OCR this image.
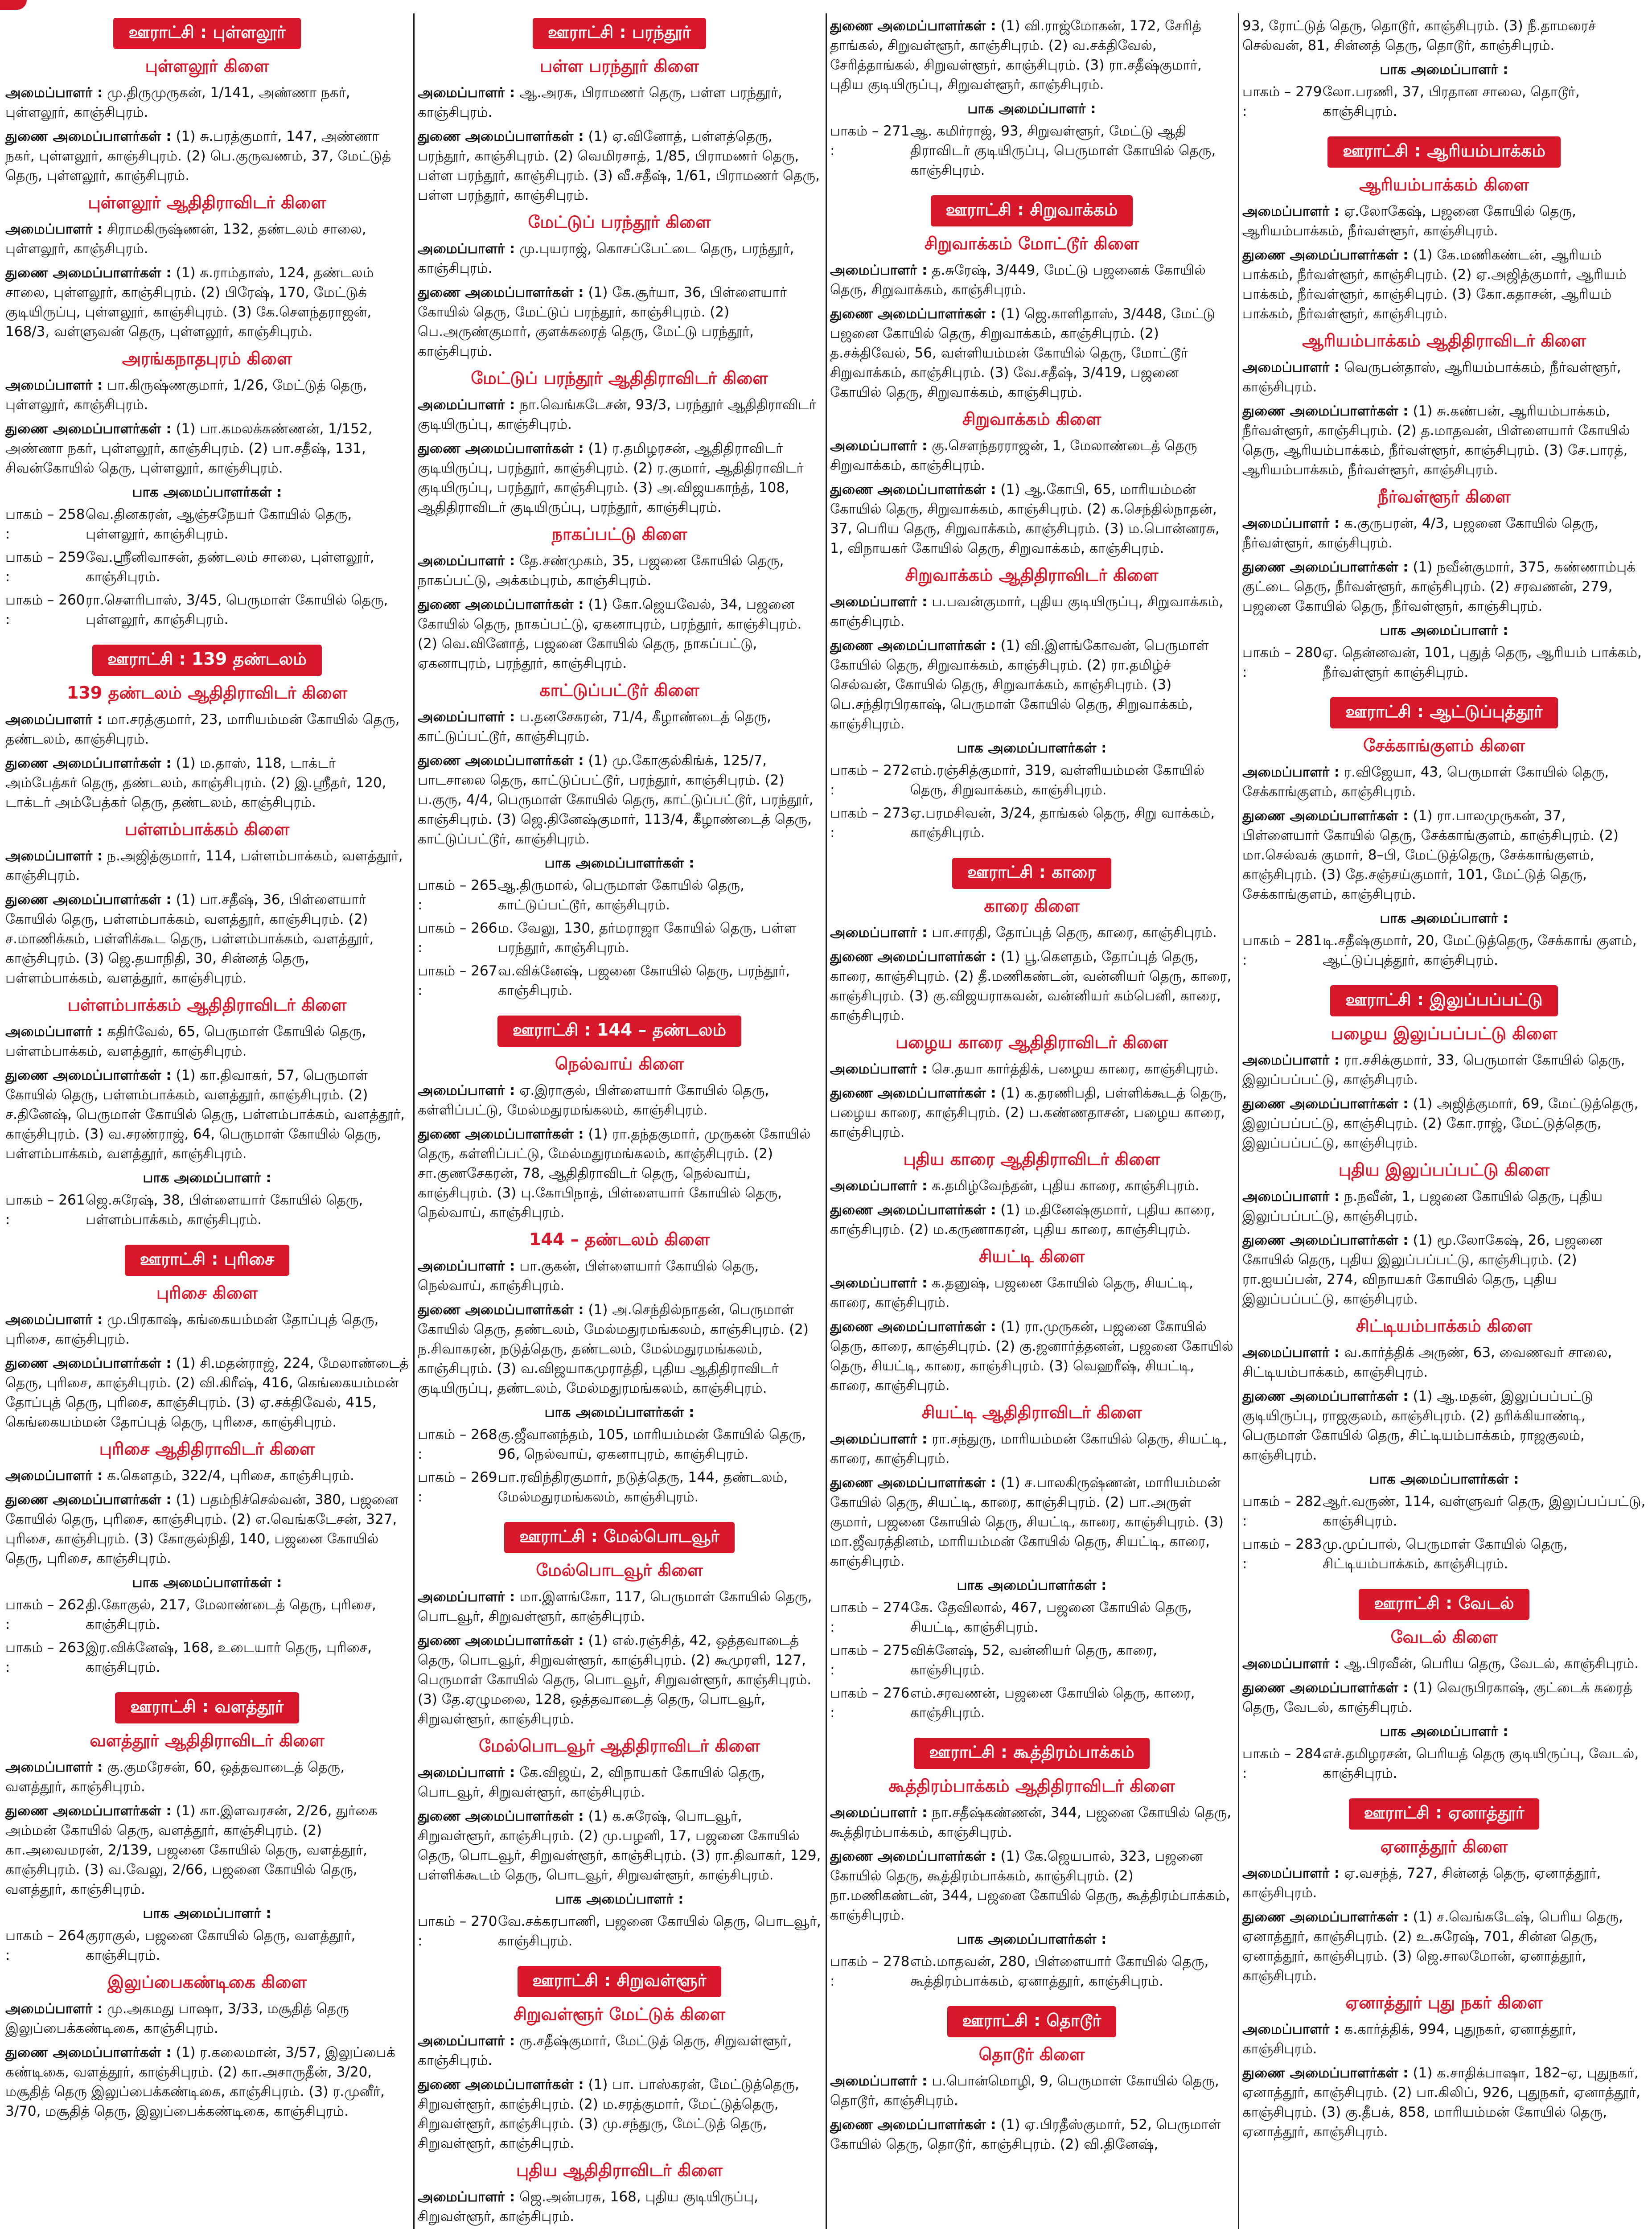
ஊராட்சி : புள்ளலூர்
புள்ளலூர் கிளை
அமைப்பாளர் : மு.திருமுருகன், 1/141, அண்ணா நகர், புள்ளலூர், காஞ்சிபுரம்.
துணை அமைப்பாளர்கள் : (1) சு.பரத்குமார், 147, அண்ணா நகர், புள்ளலூர், காஞ்சிபுரம். (2) பெ.குருவணம், 37, மேட்டுத் தெரு, புள்ளலூர், காஞ்சிபுரம்.
புள்ளலூர் ஆதிதிராவிடர் கிளை
அமைப்பாளர் : சிராமகிருஷ்ணன், 132, தண்டலம் சாலை, புள்ளலூர், காஞ்சிபுரம்.
துணை அமைப்பாளர்கள் : (1) க.ராம்தாஸ், 124, தண்டலம் சாலை, புள்ளலூர், காஞ்சிபுரம். (2) பிரேஷ், 170, மேட்டுக் குடியிருப்பு, புள்ளலூர், காஞ்சிபுரம். (3) கே.சௌந்தராஜன், 168/3, வள்ளுவன் தெரு, புள்ளலூர், காஞ்சிபுரம்.
அரங்கநாதபுரம் கிளை
அமைப்பாளர் : பா.கிருஷ்ணகுமார், 1/26, மேட்டுத் தெரு, புள்ளலூர், காஞ்சிபுரம்.
துணை அமைப்பாளர்கள் : (1) பா.கமலக்கண்ணன், 1/152, அண்ணா நகர், புள்ளலூர், காஞ்சிபுரம். (2) பா.சதீஷ், 131, சிவன்கோயில் தெரு, புள்ளலூர், காஞ்சிபுரம்.
பாக அமைப்பாளர்கள் :
பாகம் – 258 :
வெ.தினகரன், ஆஞ்சநேயர் கோயில் தெரு, புள்ளலூர், காஞ்சிபுரம்.
பாகம் – 259 :
வே.ஸ்ரீனிவாசன், தண்டலம் சாலை, புள்ளலூர், காஞ்சிபுரம்.
பாகம் – 260 :
ரா.சௌரிபாஸ், 3/45, பெருமாள் கோயில் தெரு, புள்ளலூர், காஞ்சிபுரம்.
ஊராட்சி : 139 தண்டலம்
139 தண்டலம் ஆதிதிராவிடர் கிளை
அமைப்பாளர் : மா.சரத்குமார், 23, மாரியம்மன் கோயில் தெரு, தண்டலம், காஞ்சிபுரம்.
துணை அமைப்பாளர்கள் : (1) ம.தாஸ், 118, டாக்டர் அம்பேத்கர் தெரு, தண்டலம், காஞ்சிபுரம். (2) இ.ஸ்ரீதர், 120, டாக்டர் அம்பேத்கர் தெரு, தண்டலம், காஞ்சிபுரம்.
பள்ளம்பாக்கம் கிளை
அமைப்பாளர் : ந.அஜித்குமார், 114, பள்ளம்பாக்கம், வளத்தூர், காஞ்சிபுரம்.
துணை அமைப்பாளர்கள் : (1) பா.சதீஷ், 36, பிள்ளையார் கோயில் தெரு, பள்ளம்பாக்கம், வளத்தூர், காஞ்சிபுரம். (2) ச.மாணிக்கம், பள்ளிக்கூட தெரு, பள்ளம்பாக்கம், வளத்தூர், காஞ்சிபுரம். (3) ஜெ.தயாநிதி, 30, சின்னத் தெரு, பள்ளம்பாக்கம், வளத்தூர், காஞ்சிபுரம்.
பள்ளம்பாக்கம் ஆதிதிராவிடர் கிளை
அமைப்பாளர் : கதிர்வேல், 65, பெருமாள் கோயில் தெரு, பள்ளம்பாக்கம், வளத்தூர், காஞ்சிபுரம்.
துணை அமைப்பாளர்கள் : (1) கா.திவாகர், 57, பெருமாள் கோயில் தெரு, பள்ளம்பாக்கம், வளத்தூர், காஞ்சிபுரம். (2) ச.தினேஷ், பெருமாள் கோயில் தெரு, பள்ளம்பாக்கம், வளத்தூர், காஞ்சிபுரம். (3) வ.சரண்ராஜ், 64, பெருமாள் கோயில் தெரு, பள்ளம்பாக்கம், வளத்தூர், காஞ்சிபுரம்.
பாக அமைப்பாளர் :
பாகம் – 261 :
ஜெ.சுரேஷ், 38, பிள்ளையார் கோயில் தெரு, பள்ளம்பாக்கம், காஞ்சிபுரம்.
ஊராட்சி : புரிசை
புரிசை கிளை
அமைப்பாளர் : மு.பிரகாஷ், கங்கையம்மன் தோப்புத் தெரு, புரிசை, காஞ்சிபுரம்.
துணை அமைப்பாளர்கள் : (1) சி.மதன்ராஜ், 224, மேலாண்டைத் தெரு, புரிசை, காஞ்சிபுரம். (2) வி.கிரீஷ், 416, கெங்கையம்மன் தோப்புத் தெரு, புரிசை, காஞ்சிபுரம். (3) ஏ.சக்திவேல், 415, கெங்கையம்மன் தோப்புத் தெரு, புரிசை, காஞ்சிபுரம்.
புரிசை ஆதிதிராவிடர் கிளை
அமைப்பாளர் : க.கௌதம், 322/4, புரிசை, காஞ்சிபுரம்.
துணை அமைப்பாளர்கள் : (1) பதம்நிச்செல்வன், 380, பஜனை கோயில் தெரு, புரிசை, காஞ்சிபுரம். (2) எ.வெங்கடேசன், 327, புரிசை, காஞ்சிபுரம். (3) கோகுல்நிதி, 140, பஜனை கோயில் தெரு, புரிசை, காஞ்சிபுரம்.
பாக அமைப்பாளர்கள் :
பாகம் – 262 :
தி.கோகுல், 217, மேலாண்டைத் தெரு, புரிசை, காஞ்சிபுரம்.
பாகம் – 263 :
இர.விக்னேஷ், 168, உடையார் தெரு, புரிசை, காஞ்சிபுரம்.
ஊராட்சி : வளத்தூர்
வளத்தூர் ஆதிதிராவிடர் கிளை
அமைப்பாளர் : கு.குமரேசன், 60, ஒத்தவாடைத் தெரு, வளத்தூர், காஞ்சிபுரம்.
துணை அமைப்பாளர்கள் : (1) கா.இளவரசன், 2/26, துர்கை அம்மன் கோயில் தெரு, வளத்தூர், காஞ்சிபுரம். (2) கா.அவைமரன், 2/139, பஜனை கோயில் தெரு, வளத்தூர், காஞ்சிபுரம். (3) வ.வேலு, 2/66, பஜனை கோயில் தெரு, வளத்தூர், காஞ்சிபுரம்.
பாக அமைப்பாளர் :
பாகம் – 264 :
குராகுல், பஜனை கோயில் தெரு, வளத்தூர், காஞ்சிபுரம்.
இலுப்பைகண்டிகை கிளை
அமைப்பாளர் : மு.அகமது பாஷா, 3/33, மசூதித் தெரு இலுப்பைக்கண்டிகை, காஞ்சிபுரம்.
துணை அமைப்பாளர்கள் : (1) ர.கலைமான், 3/57, இலுப்பைக் கண்டிகை, வளத்தூர், காஞ்சிபுரம். (2) கா.அசாருதீன், 3/20, மசூதித் தெரு இலுப்பைக்கண்டிகை, காஞ்சிபுரம். (3) ர.முனீர், 3/70, மசூதித் தெரு, இலுப்பைக்கண்டிகை, காஞ்சிபுரம்.
ஊராட்சி : பரந்தூர்
பள்ள பரந்தூர் கிளை
அமைப்பாளர் : ஆ.அரசு, பிராமணர் தெரு, பள்ள பரந்தூர், காஞ்சிபுரம்.
துணை அமைப்பாளர்கள் : (1) ஏ.வினோத், பள்ளத்தெரு, பரந்தூர், காஞ்சிபுரம். (2) வெமிரசாத், 1/85, பிராமணர் தெரு, பள்ள பரந்தூர், காஞ்சிபுரம். (3) வீ.சதீஷ், 1/61, பிராமணர் தெரு, பள்ள பரந்தூர், காஞ்சிபுரம்.
மேட்டுப் பரந்தூர் கிளை
அமைப்பாளர் : மு.புயராஜ், கொசப்பேட்டை தெரு, பரந்தூர், காஞ்சிபுரம்.
துணை அமைப்பாளர்கள் : (1) கே.சூர்யா, 36, பிள்ளையார் கோயில் தெரு, மேட்டுப் பரந்தூர், காஞ்சிபுரம். (2) பெ.அருண்குமார், குளக்கரைத் தெரு, மேட்டு பரந்தூர், காஞ்சிபுரம்.
மேட்டுப் பரந்தூர் ஆதிதிராவிடர் கிளை
அமைப்பாளர் : நா.வெங்கடேசன், 93/3, பரந்தூர் ஆதிதிராவிடர் குடியிருப்பு, காஞ்சிபுரம்.
துணை அமைப்பாளர்கள் : (1) ர.தமிழரசன், ஆதிதிராவிடர் குடியிருப்பு, பரந்தூர், காஞ்சிபுரம். (2) ர.குமார், ஆதிதிராவிடர் குடியிருப்பு, பரந்தூர், காஞ்சிபுரம். (3) அ.விஜயகாந்த், 108, ஆதிதிராவிடர் குடியிருப்பு, பரந்தூர், காஞ்சிபுரம்.
நாகப்பட்டு கிளை
அமைப்பாளர் : தே.சண்முகம், 35, பஜனை கோயில் தெரு, நாகப்பட்டு, அக்கம்புரம், காஞ்சிபுரம்.
துணை அமைப்பாளர்கள் : (1) கோ.ஜெயவேல், 34, பஜனை கோயில் தெரு, நாகப்பட்டு, ஏகனாபுரம், பரந்தூர், காஞ்சிபுரம். (2) வெ.வினோத், பஜனை கோயில் தெரு, நாகப்பட்டு, ஏகனாபுரம், பரந்தூர், காஞ்சிபுரம்.
காட்டுப்பட்டூர் கிளை
அமைப்பாளர் : ப.தனசேகரன், 71/4, கீழாண்டைத் தெரு, காட்டுப்பட்டூர், காஞ்சிபுரம்.
துணை அமைப்பாளர்கள் : (1) மு.கோகுல்கிங்க், 125/7, பாடசாலை தெரு, காட்டுப்பட்டூர், பரந்தூர், காஞ்சிபுரம். (2) ப.குரு, 4/4, பெருமாள் கோயில் தெரு, காட்டுப்பட்டூர், பரந்தூர், காஞ்சிபுரம். (3) ஜெ.தினேஷ்குமார், 113/4, கீழாண்டைத் தெரு, காட்டுப்பட்டூர், காஞ்சிபுரம்.
பாக அமைப்பாளர்கள் :
பாகம் – 265 :
ஆ.திருமால், பெருமாள் கோயில் தெரு, காட்டுப்பட்டூர், காஞ்சிபுரம்.
பாகம் – 266 :
ம. வேலு, 130, தர்மராஜா கோயில் தெரு, பள்ள பரந்தூர், காஞ்சிபுரம்.
பாகம் – 267 :
வ.விக்னேஷ், பஜனை கோயில் தெரு, பரந்தூர், காஞ்சிபுரம்.
ஊராட்சி : 144 – தண்டலம்
நெல்வாய் கிளை
அமைப்பாளர் : ஏ.இராகுல், பிள்ளையார் கோயில் தெரு, கள்ளிப்பட்டு, மேல்மதுரமங்கலம், காஞ்சிபுரம்.
துணை அமைப்பாளர்கள் : (1) ரா.தந்தகுமார், முருகன் கோயில் தெரு, கள்ளிப்பட்டு, மேல்மதுரமங்கலம், காஞ்சிபுரம். (2) சா.குணசேகரன், 78, ஆதிதிராவிடர் தெரு, நெல்வாய், காஞ்சிபுரம். (3) பு.கோபிநாத், பிள்ளையார் கோயில் தெரு, நெல்வாய், காஞ்சிபுரம்.
144 – தண்டலம் கிளை
அமைப்பாளர் : பா.குகன், பிள்ளையார் கோயில் தெரு, நெல்வாய், காஞ்சிபுரம்.
துணை அமைப்பாளர்கள் : (1) அ.செந்தில்நாதன், பெருமாள் கோயில் தெரு, தண்டலம், மேல்மதுரமங்கலம், காஞ்சிபுரம். (2) ந.சிவாகரன், நடுத்தெரு, தண்டலம், மேல்மதுரமங்கலம், காஞ்சிபுரம். (3) வ.விஜயாகமுராத்தி, புதிய ஆதிதிராவிடர் குடியிருப்பு, தண்டலம், மேல்மதுரமங்கலம், காஞ்சிபுரம்.
பாக அமைப்பாளர்கள் :
பாகம் – 268 :
கு.ஜீவானந்தம், 105, மாரியம்மன் கோயில் தெரு, 96, நெல்வாய், ஏகனாபுரம், காஞ்சிபுரம்.
பாகம் – 269 :
பா.ரவிந்திரகுமார், நடுத்தெரு, 144, தண்டலம், மேல்மதுரமங்கலம், காஞ்சிபுரம்.
ஊராட்சி : மேல்பொடவூர்
மேல்பொடவூர் கிளை
அமைப்பாளர் : மா.இளங்கோ, 117, பெருமாள் கோயில் தெரு, பொடவூர், சிறுவள்ளூர், காஞ்சிபுரம்.
துணை அமைப்பாளர்கள் : (1) எல்.ரஞ்சித், 42, ஒத்தவாடைத் தெரு, பொடவூர், சிறுவள்ளூர், காஞ்சிபுரம். (2) கூமுரளி, 127, பெருமாள் கோயில் தெரு, பொடவூர், சிறுவள்ளூர், காஞ்சிபுரம். (3) தே.ஏழுமலை, 128, ஒத்தவாடைத் தெரு, பொடவூர், சிறுவள்ளூர், காஞ்சிபுரம்.
மேல்பொடவூர் ஆதிதிராவிடர் கிளை
அமைப்பாளர் : கே.விஜய், 2, விநாயகர் கோயில் தெரு, பொடவூர், சிறுவள்ளூர், காஞ்சிபுரம்.
துணை அமைப்பாளர்கள் : (1) க.சுரேஷ், பொடவூர், சிறுவள்ளூர், காஞ்சிபுரம். (2) மு.பழனி, 17, பஜனை கோயில் தெரு, பொடவூர், சிறுவள்ளூர், காஞ்சிபுரம். (3) ரா.திவாகர், 129, பள்ளிக்கூடம் தெரு, பொடவூர், சிறுவள்ளூர், காஞ்சிபுரம்.
பாக அமைப்பாளர் :
பாகம் – 270 :
வே.சக்கரபாணி, பஜனை கோயில் தெரு, பொடவூர், காஞ்சிபுரம்.
ஊராட்சி : சிறுவள்ளூர்
சிறுவள்ளூர் மேட்டுக் கிளை
அமைப்பாளர் : ரு.சதீஷ்குமார், மேட்டுத் தெரு, சிறுவள்ளூர், காஞ்சிபுரம்.
துணை அமைப்பாளர்கள் : (1) பா. பாஸ்கரன், மேட்டுத்தெரு, சிறுவள்ளூர், காஞ்சிபுரம். (2) ம.சரத்குமார், மேட்டுத்தெரு, சிறுவள்ளூர், காஞ்சிபுரம். (3) மு.சந்துரு, மேட்டுத் தெரு, சிறுவள்ளூர், காஞ்சிபுரம்.
புதிய ஆதிதிராவிடர் கிளை
அமைப்பாளர் : ஜெ.அன்பரசு, 168, புதிய குடியிருப்பு, சிறுவள்ளூர், காஞ்சிபுரம்.
துணை அமைப்பாளர்கள் : (1) வி.ராஜ்மோகன், 172, சேரித் தாங்கல், சிறுவள்ளூர், காஞ்சிபுரம். (2) வ.சக்திவேல், சேரித்தாங்கல், சிறுவள்ளூர், காஞ்சிபுரம். (3) ரா.சதீஷ்குமார், புதிய குடியிருப்பு, சிறுவள்ளூர், காஞ்சிபுரம்.
பாக அமைப்பாளர் :
பாகம் – 271 :
ஆ. கமிர்ராஜ், 93, சிறுவள்ளூர், மேட்டு ஆதி திராவிடர் குடியிருப்பு, பெருமாள் கோயில் தெரு, காஞ்சிபுரம்.
ஊராட்சி : சிறுவாக்கம்
சிறுவாக்கம் மோட்டூர் கிளை
அமைப்பாளர் : த.சுரேஷ், 3/449, மேட்டு பஜனைக் கோயில் தெரு, சிறுவாக்கம், காஞ்சிபுரம்.
துணை அமைப்பாளர்கள் : (1) ஜெ.காளிதாஸ், 3/448, மேட்டு பஜனை கோயில் தெரு, சிறுவாக்கம், காஞ்சிபுரம். (2) த.சக்திவேல், 56, வள்ளியம்மன் கோயில் தெரு, மோட்டூர் சிறுவாக்கம், காஞ்சிபுரம். (3) வே.சதீஷ், 3/419, பஜனை கோயில் தெரு, சிறுவாக்கம், காஞ்சிபுரம்.
சிறுவாக்கம் கிளை
அமைப்பாளர் : கு.சௌந்தரராஜன், 1, மேலாண்டைத் தெரு சிறுவாக்கம், காஞ்சிபுரம்.
துணை அமைப்பாளர்கள் : (1) ஆ.கோபி, 65, மாரியம்மன் கோயில் தெரு, சிறுவாக்கம், காஞ்சிபுரம். (2) க.செந்தில்நாதன், 37, பெரிய தெரு, சிறுவாக்கம், காஞ்சிபுரம். (3) ம.பொன்னரசு, 1, விநாயகர் கோயில் தெரு, சிறுவாக்கம், காஞ்சிபுரம்.
சிறுவாக்கம் ஆதிதிராவிடர் கிளை
அமைப்பாளர் : ப.பவன்குமார், புதிய குடியிருப்பு, சிறுவாக்கம், காஞ்சிபுரம்.
துணை அமைப்பாளர்கள் : (1) வி.இளங்கோவன், பெருமாள் கோயில் தெரு, சிறுவாக்கம், காஞ்சிபுரம். (2) ரா.தமிழ்ச் செல்வன், கோயில் தெரு, சிறுவாக்கம், காஞ்சிபுரம். (3) பெ.சந்திரபிரகாஷ், பெருமாள் கோயில் தெரு, சிறுவாக்கம், காஞ்சிபுரம்.
பாக அமைப்பாளர்கள் :
பாகம் – 272 :
எம்.ரஞ்சித்குமார், 319, வள்ளியம்மன் கோயில் தெரு, சிறுவாக்கம், காஞ்சிபுரம்.
பாகம் – 273 :
ஏ.பரமசிவன், 3/24, தாங்கல் தெரு, சிறு வாக்கம், காஞ்சிபுரம்.
ஊராட்சி : காரை
காரை கிளை
அமைப்பாளர் : பா.சாரதி, தோப்புத் தெரு, காரை, காஞ்சிபுரம்.
துணை அமைப்பாளர்கள் : (1) பூ.கௌதம், தோப்புத் தெரு, காரை, காஞ்சிபுரம். (2) தீ.மணிகண்டன், வன்னியர் தெரு, காரை, காஞ்சிபுரம். (3) கு.விஜயராகவன், வன்னியர் கம்பெனி, காரை, காஞ்சிபுரம்.
பழைய காரை ஆதிதிராவிடர் கிளை
அமைப்பாளர் : செ.தயா கார்த்திக், பழைய காரை, காஞ்சிபுரம்.
துணை அமைப்பாளர்கள் : (1) க.தரணிபதி, பள்ளிக்கூடத் தெரு, பழைய காரை, காஞ்சிபுரம். (2) ப.கண்ணதாசன், பழைய காரை, காஞ்சிபுரம்.
புதிய காரை ஆதிதிராவிடர் கிளை
அமைப்பாளர் : க.தமிழ்வேந்தன், புதிய காரை, காஞ்சிபுரம்.
துணை அமைப்பாளர்கள் : (1) ம.தினேஷ்குமார், புதிய காரை, காஞ்சிபுரம். (2) ம.கருணாகரன், புதிய காரை, காஞ்சிபுரம்.
சியட்டி கிளை
அமைப்பாளர் : க.தனுஷ், பஜனை கோயில் தெரு, சியட்டி, காரை, காஞ்சிபுரம்.
துணை அமைப்பாளர்கள் : (1) ரா.முருகன், பஜனை கோயில் தெரு, காரை, காஞ்சிபுரம். (2) கு.ஜனார்த்தனன், பஜனை கோயில் தெரு, சியட்டி, காரை, காஞ்சிபுரம். (3) வெஹரீஷ், சியட்டி, காரை, காஞ்சிபுரம்.
சியட்டி ஆதிதிராவிடர் கிளை
அமைப்பாளர் : ரா.சந்துரு, மாரியம்மன் கோயில் தெரு, சியட்டி, காரை, காஞ்சிபுரம்.
துணை அமைப்பாளர்கள் : (1) ச.பாலகிருஷ்ணன், மாரியம்மன் கோயில் தெரு, சியட்டி, காரை, காஞ்சிபுரம். (2) பா.அருள் குமார், பஜனை கோயில் தெரு, சியட்டி, காரை, காஞ்சிபுரம். (3) மா.ஜீவரத்தினம், மாரியம்மன் கோயில் தெரு, சியட்டி, காரை, காஞ்சிபுரம்.
பாக அமைப்பாளர்கள் :
பாகம் – 274 :
கே. தேவிலால், 467, பஜனை கோயில் தெரு, சியட்டி, காஞ்சிபுரம்.
பாகம் – 275 :
விக்னேஷ், 52, வன்னியர் தெரு, காரை, காஞ்சிபுரம்.
பாகம் – 276 :
எம்.சரவணன், பஜனை கோயில் தெரு, காரை, காஞ்சிபுரம்.
ஊராட்சி : கூத்திரம்பாக்கம்
கூத்திரம்பாக்கம் ஆதிதிராவிடர் கிளை
அமைப்பாளர் : நா.சதீஷ்கண்ணன், 344, பஜனை கோயில் தெரு, கூத்திரம்பாக்கம், காஞ்சிபுரம்.
துணை அமைப்பாளர்கள் : (1) கே.ஜெயபால், 323, பஜனை கோயில் தெரு, கூத்திரம்பாக்கம், காஞ்சிபுரம். (2) நா.மணிகண்டன், 344, பஜனை கோயில் தெரு, கூத்திரம்பாக்கம், காஞ்சிபுரம்.
பாக அமைப்பாளர்கள் :
பாகம் – 278 :
எம்.மாதவன், 280, பிள்ளையார் கோயில் தெரு, கூத்திரம்பாக்கம், ஏனாத்தூர், காஞ்சிபுரம்.
ஊராட்சி : தொடூர்
தொடூர் கிளை
அமைப்பாளர் : ப.பொன்மொழி, 9, பெருமாள் கோயில் தெரு, தொடூர், காஞ்சிபுரம்.
துணை அமைப்பாளர்கள் : (1) ஏ.பிரதீஸ்குமார், 52, பெருமாள் கோயில் தெரு, தொடூர், காஞ்சிபுரம். (2) வி.தினேஷ்,
93, ரோட்டுத் தெரு, தொடூர், காஞ்சிபுரம். (3) நீ.தாமரைச் செல்வன், 81, சின்னத் தெரு, தொடூர், காஞ்சிபுரம்.
பாக அமைப்பாளர் :
பாகம் – 279 :
லோ.பரணி, 37, பிரதான சாலை, தொடூர், காஞ்சிபுரம்.
ஊராட்சி : ஆரியம்பாக்கம்
ஆரியம்பாக்கம் கிளை
அமைப்பாளர் : ஏ.லோகேஷ், பஜனை கோயில் தெரு, ஆரியம்பாக்கம், நீர்வள்ளூர், காஞ்சிபுரம்.
துணை அமைப்பாளர்கள் : (1) கே.மணிகண்டன், ஆரியம் பாக்கம், நீர்வள்ளூர், காஞ்சிபுரம். (2) ஏ.அஜித்குமார், ஆரியம் பாக்கம், நீர்வள்ளூர், காஞ்சிபுரம். (3) கோ.கதாசன், ஆரியம் பாக்கம், நீர்வள்ளூர், காஞ்சிபுரம்.
ஆரியம்பாக்கம் ஆதிதிராவிடர் கிளை
அமைப்பாளர் : வெருபன்தாஸ், ஆரியம்பாக்கம், நீர்வள்ளூர், காஞ்சிபுரம்.
துணை அமைப்பாளர்கள் : (1) சு.கண்பன், ஆரியம்பாக்கம், நீர்வள்ளூர், காஞ்சிபுரம். (2) த.மாதவன், பிள்ளையார் கோயில் தெரு, ஆரியம்பாக்கம், நீர்வள்ளூர், காஞ்சிபுரம். (3) சே.பாரத், ஆரியம்பாக்கம், நீர்வள்ளூர், காஞ்சிபுரம்.
நீர்வள்ளூர் கிளை
அமைப்பாளர் : க.குருபரன், 4/3, பஜனை கோயில் தெரு, நீர்வள்ளூர், காஞ்சிபுரம்.
துணை அமைப்பாளர்கள் : (1) நவீன்குமார், 375, கண்ணாம்புக் குட்டை தெரு, நீர்வள்ளூர், காஞ்சிபுரம். (2) சரவணன், 279, பஜனை கோயில் தெரு, நீர்வள்ளூர், காஞ்சிபுரம்.
பாக அமைப்பாளர் :
பாகம் – 280 :
ஏ. தென்னவன், 101, புதுத் தெரு, ஆரியம் பாக்கம், நீர்வள்ளூர் காஞ்சிபுரம்.
ஊராட்சி : ஆட்டுப்புத்தூர்
சேக்காங்குளம் கிளை
அமைப்பாளர் : ர.விஜேயா, 43, பெருமாள் கோயில் தெரு, சேக்காங்குளம், காஞ்சிபுரம்.
துணை அமைப்பாளர்கள் : (1) ரா.பாலமுருகன், 37, பிள்ளையார் கோயில் தெரு, சேக்காங்குளம், காஞ்சிபுரம். (2) மா.செல்வக் குமார், 8–பி, மேட்டுத்தெரு, சேக்காங்குளம், காஞ்சிபுரம். (3) தே.சஞ்சய்குமார், 101, மேட்டுத் தெரு, சேக்காங்குளம், காஞ்சிபுரம்.
பாக அமைப்பாளர் :
பாகம் – 281 :
டி.சதீஷ்குமார், 20, மேட்டுத்தெரு, சேக்காங் குளம், ஆட்டுப்புத்தூர், காஞ்சிபுரம்.
ஊராட்சி : இலுப்பப்பட்டு
பழைய இலுப்பப்பட்டு கிளை
அமைப்பாளர் : ரா.சசிக்குமார், 33, பெருமாள் கோயில் தெரு, இலுப்பப்பட்டு, காஞ்சிபுரம்.
துணை அமைப்பாளர்கள் : (1) அஜித்குமார், 69, மேட்டுத்தெரு, இலுப்பப்பட்டு, காஞ்சிபுரம். (2) கோ.ராஜ், மேட்டுத்தெரு, இலுப்பப்பட்டு, காஞ்சிபுரம்.
புதிய இலுப்பப்பட்டு கிளை
அமைப்பாளர் : ந.நவீன், 1, பஜனை கோயில் தெரு, புதிய இலுப்பப்பட்டு, காஞ்சிபுரம்.
துணை அமைப்பாளர்கள் : (1) மூ.லோகேஷ், 26, பஜனை கோயில் தெரு, புதிய இலுப்பப்பட்டு, காஞ்சிபுரம். (2) ரா.ஐயப்பன், 274, விநாயகர் கோயில் தெரு, புதிய இலுப்பப்பட்டு, காஞ்சிபுரம்.
சிட்டியம்பாக்கம் கிளை
அமைப்பாளர் : வ.கார்த்திக் அருண், 63, வைணவர் சாலை, சிட்டியம்பாக்கம், காஞ்சிபுரம்.
துணை அமைப்பாளர்கள் : (1) ஆ.மதன், இலுப்பப்பட்டு குடியிருப்பு, ராஜகுலம், காஞ்சிபுரம். (2) தரிக்கியாண்டி, பெருமாள் கோயில் தெரு, சிட்டியம்பாக்கம், ராஜகுலம், காஞ்சிபுரம்.
பாக அமைப்பாளர்கள் :
பாகம் – 282 :
ஆர்.வருண், 114, வள்ளுவர் தெரு, இலுப்பப்பட்டு, காஞ்சிபுரம்.
பாகம் – 283 :
மு.முப்பால், பெருமாள் கோயில் தெரு, சிட்டியம்பாக்கம், காஞ்சிபுரம்.
ஊராட்சி : வேடல்
வேடல் கிளை
அமைப்பாளர் : ஆ.பிரவீன், பெரிய தெரு, வேடல், காஞ்சிபுரம்.
துணை அமைப்பாளர்கள் : (1) வெருபிரகாஷ், குட்டைக் கரைத் தெரு, வேடல், காஞ்சிபுரம்.
பாக அமைப்பாளர் :
பாகம் – 284 :
எச்.தமிழரசன், பெரியத் தெரு குடியிருப்பு, வேடல், காஞ்சிபுரம்.
ஊராட்சி : ஏனாத்தூர்
ஏனாத்தூர் கிளை
அமைப்பாளர் : ஏ.வசந்த், 727, சின்னத் தெரு, ஏனாத்தூர், காஞ்சிபுரம்.
துணை அமைப்பாளர்கள் : (1) ச.வெங்கடேஷ், பெரிய தெரு, ஏனாத்தூர், காஞ்சிபுரம். (2) உ.சுரேஷ், 701, சின்ன தெரு, ஏனாத்தூர், காஞ்சிபுரம். (3) ஜெ.சாலமோன், ஏனாத்தூர், காஞ்சிபுரம்.
ஏனாத்தூர் புது நகர் கிளை
அமைப்பாளர் : க.கார்த்திக், 994, புதுநகர், ஏனாத்தூர், காஞ்சிபுரம்.
துணை அமைப்பாளர்கள் : (1) க.சாதிக்பாஷா, 182–ஏ, புதுநகர், ஏனாத்தூர், காஞ்சிபுரம். (2) பா.கிலிப், 926, புதுநகர், ஏனாத்தூர், காஞ்சிபுரம். (3) கு.தீபக், 858, மாரியம்மன் கோயில் தெரு, ஏனாத்தூர், காஞ்சிபுரம்.
